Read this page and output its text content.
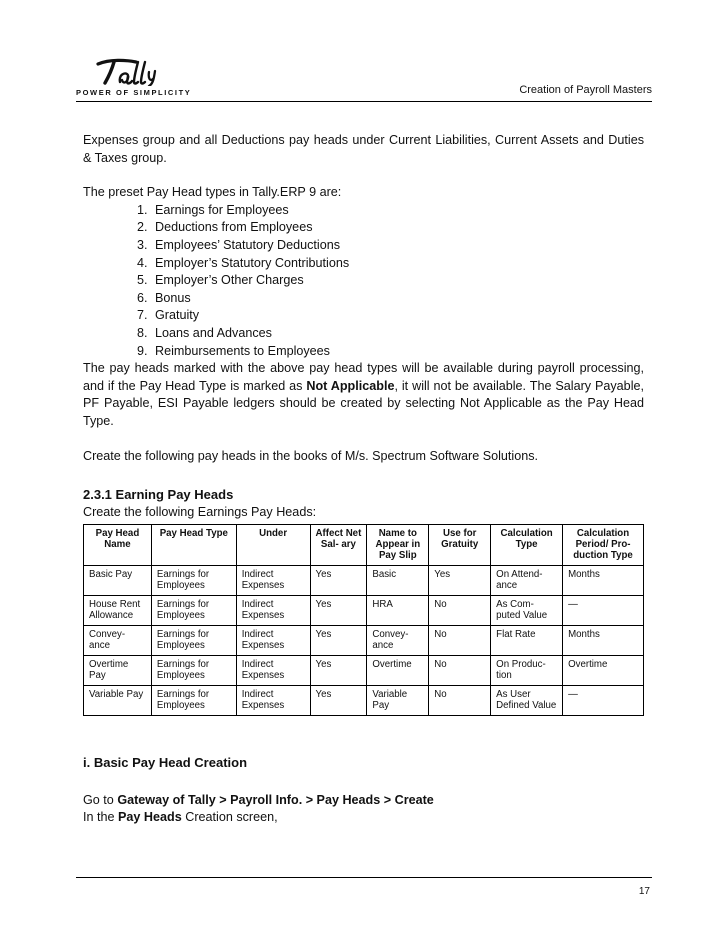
POWER OF SIMPLICITY	Creation of Payroll Masters

Expenses group and all Deductions pay heads under Current Liabilities, Current Assets and Duties & Taxes group.

The preset Pay Head types in Tally.ERP 9 are:

1. Earnings for Employees
2. Deductions from Employees
3. Employees’ Statutory Deductions
4. Employer’s Statutory Contributions
5. Employer’s Other Charges
6. Bonus
7. Gratuity
8. Loans and Advances
9. Reimbursements to Employees

The pay heads marked with the above pay head types will be available during payroll processing, and if the Pay Head Type is marked as Not Applicable, it will not be available. The Salary Payable, PF Payable, ESI Payable ledgers should be created by selecting Not Applicable as the Pay Head Type.

Create the following pay heads in the books of M/s. Spectrum Software Solutions.

2.3.1 Earning Pay Heads

Create the following Earnings Pay Heads:

Pay Head Name	Pay Head Type	Under	Affect Net Sal- ary	Name to Appear in Pay Slip	Use for Gratuity	Calculation Type	Calculation Period/ Pro- duction Type
Basic Pay	Earnings for Employees	Indirect Expenses	Yes	Basic	Yes	On Attend- ance	Months
House Rent Allowance	Earnings for Employees	Indirect Expenses	Yes	HRA	No	As Com- puted Value	—
Convey- ance	Earnings for Employees	Indirect Expenses	Yes	Convey- ance	No	Flat Rate	Months
Overtime Pay	Earnings for Employees	Indirect Expenses	Yes	Overtime	No	On Produc- tion	Overtime
Variable Pay	Earnings for Employees	Indirect Expenses	Yes	Variable Pay	No	As User Defined Value	—

i. Basic Pay Head Creation

Go to Gateway of Tally > Payroll Info. > Pay Heads > Create

In the Pay Heads Creation screen,

17
